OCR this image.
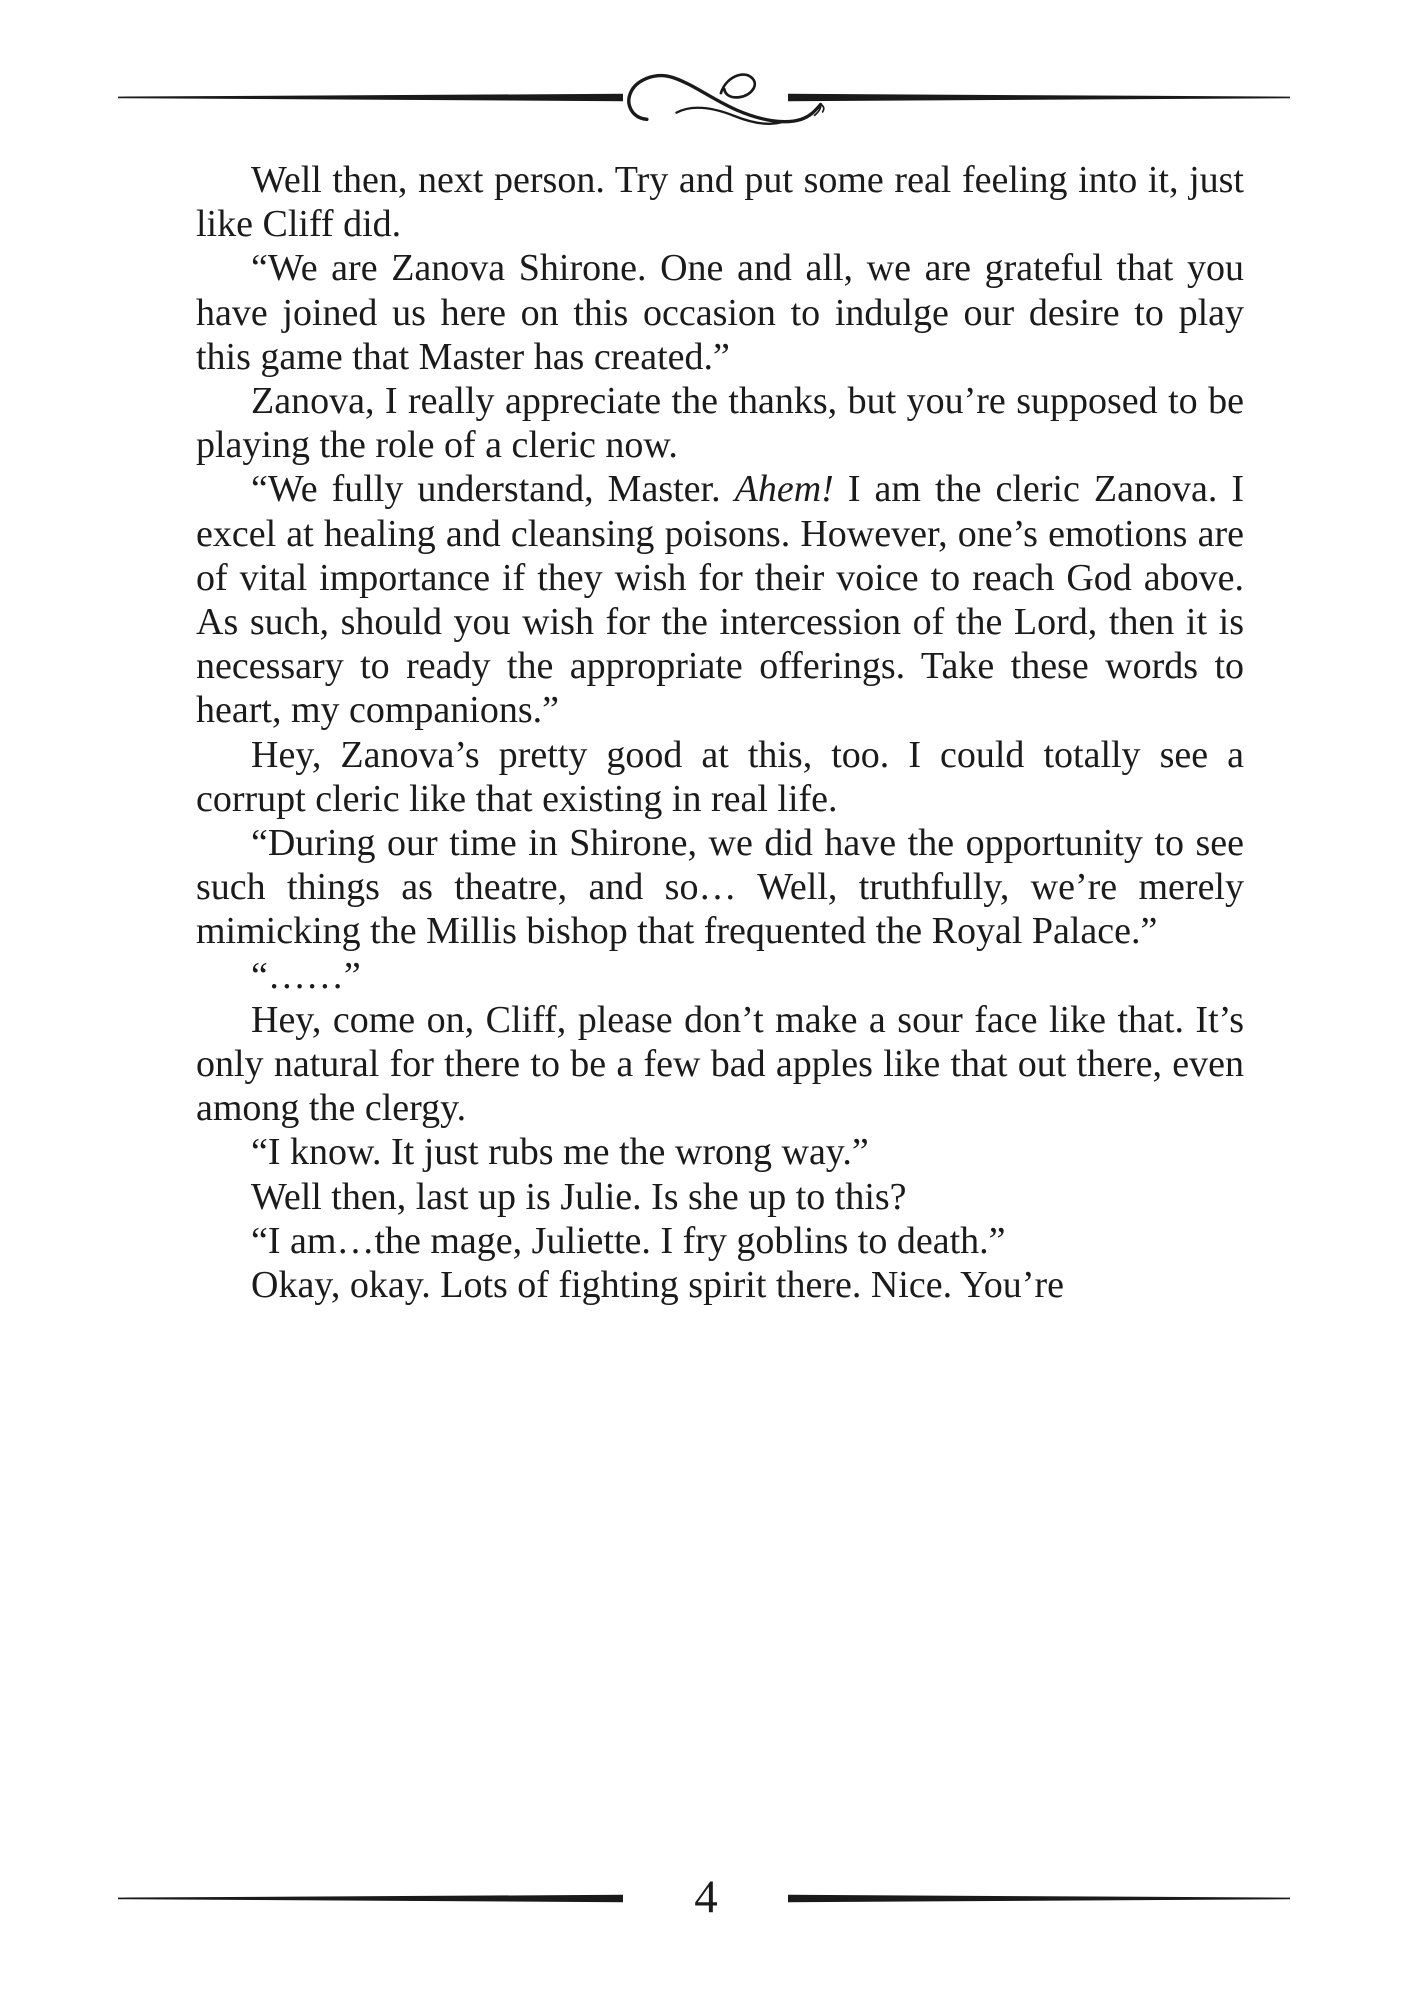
Well then, next person. Try and put some real feeling into it, just like Cliff did.

“We are Zanova Shirone. One and all, we are grateful that you have joined us here on this occasion to indulge our desire to play this game that Master has created.”

Zanova, I really appreciate the thanks, but you’re supposed to be playing the role of a cleric now.

“We fully understand, Master. Ahem! I am the cleric Zanova. I excel at healing and cleansing poisons. However, one’s emotions are of vital importance if they wish for their voice to reach God above. As such, should you wish for the intercession of the Lord, then it is necessary to ready the appropriate offerings. Take these words to heart, my companions.”

Hey, Zanova’s pretty good at this, too. I could totally see a corrupt cleric like that existing in real life.

“During our time in Shirone, we did have the opportunity to see such things as theatre, and so… Well, truthfully, we’re merely mimicking the Millis bishop that frequented the Royal Palace.”

“……”

Hey, come on, Cliff, please don’t make a sour face like that. It’s only natural for there to be a few bad apples like that out there, even among the clergy.

“I know. It just rubs me the wrong way.”

Well then, last up is Julie. Is she up to this?

“I am…the mage, Juliette. I fry goblins to death.”

Okay, okay. Lots of fighting spirit there. Nice. You’re

4
